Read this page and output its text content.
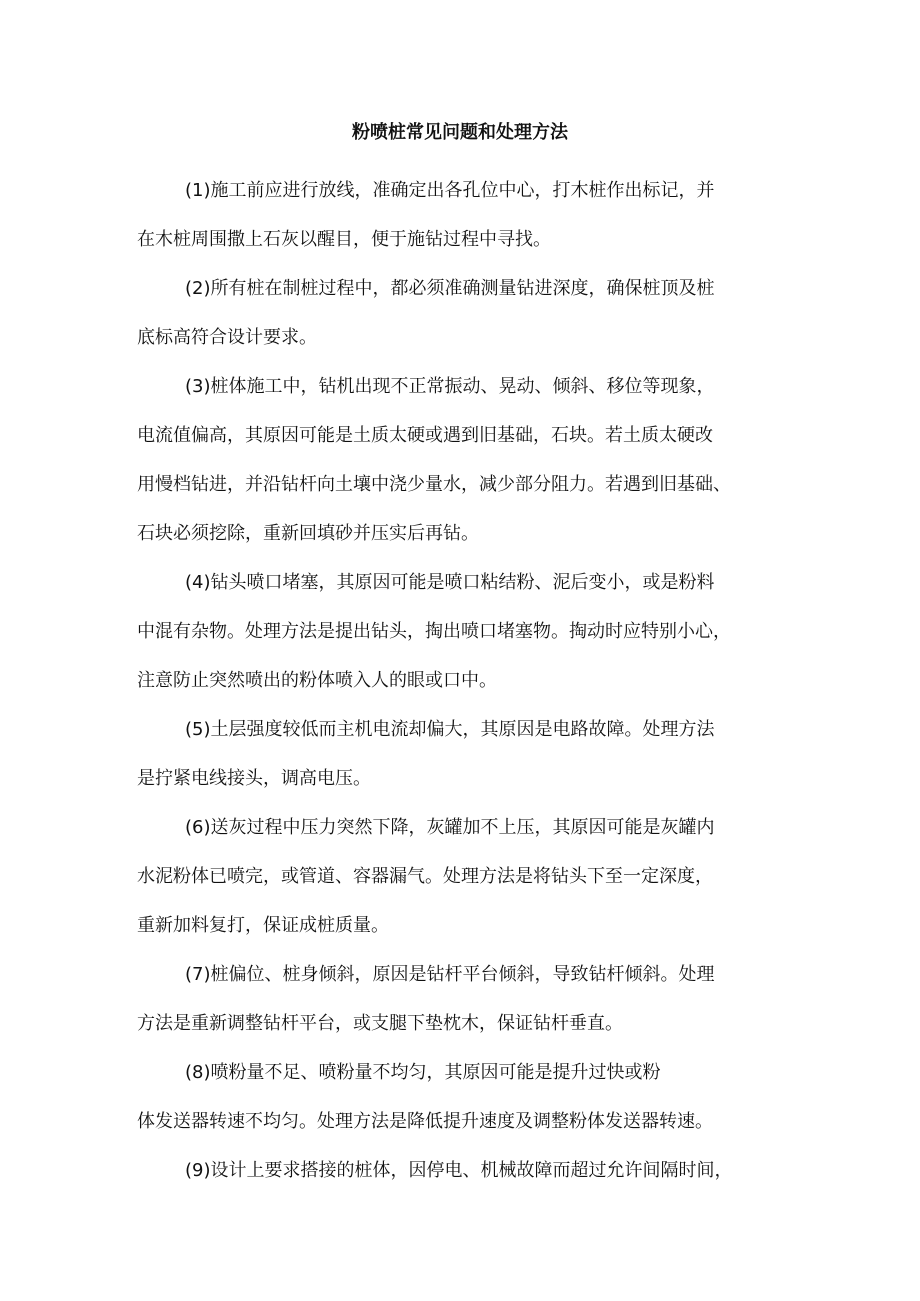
粉喷桩常见问题和处理方法
(1)施工前应进行放线，准确定出各孔位中心，打木桩作出标记，并
在木桩周围撒上石灰以醒目，便于施钻过程中寻找。
(2)所有桩在制桩过程中，都必须准确测量钻进深度，确保桩顶及桩
底标高符合设计要求。
(3)桩体施工中，钻机出现不正常振动、晃动、倾斜、移位等现象，
电流值偏高，其原因可能是土质太硬或遇到旧基础，石块。若土质太硬改
用慢档钻进，并沿钻杆向土壤中浇少量水，减少部分阻力。若遇到旧基础、
石块必须挖除，重新回填砂并压实后再钻。
(4)钻头喷口堵塞，其原因可能是喷口粘结粉、泥后变小，或是粉料
中混有杂物。处理方法是提出钻头，掏出喷口堵塞物。掏动时应特别小心，
注意防止突然喷出的粉体喷入人的眼或口中。
(5)土层强度较低而主机电流却偏大，其原因是电路故障。处理方法
是拧紧电线接头，调高电压。
(6)送灰过程中压力突然下降，灰罐加不上压，其原因可能是灰罐内
水泥粉体已喷完，或管道、容器漏气。处理方法是将钻头下至一定深度，
重新加料复打，保证成桩质量。
(7)桩偏位、桩身倾斜，原因是钻杆平台倾斜，导致钻杆倾斜。处理
方法是重新调整钻杆平台，或支腿下垫枕木，保证钻杆垂直。
(8)喷粉量不足、喷粉量不均匀，其原因可能是提升过快或粉
体发送器转速不均匀。处理方法是降低提升速度及调整粉体发送器转速。
(9)设计上要求搭接的桩体，因停电、机械故障而超过允许间隔时间，
